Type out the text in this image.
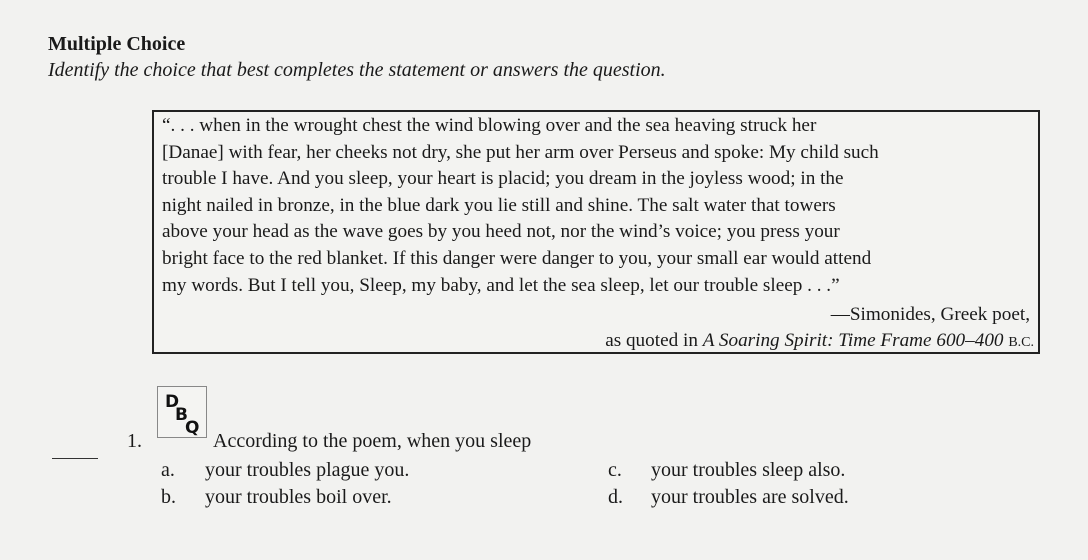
Multiple Choice
Identify the choice that best completes the statement or answers the question.
“. . . when in the wrought chest the wind blowing over and the sea heaving struck her
[Danae] with fear, her cheeks not dry, she put her arm over Perseus and spoke: My child such
trouble I have. And you sleep, your heart is placid; you dream in the joyless wood; in the
night nailed in bronze, in the blue dark you lie still and shine. The salt water that towers
above your head as the wave goes by you heed not, nor the wind’s voice; you press your
bright face to the red blanket. If this danger were danger to you, your small ear would attend
my words. But I tell you, Sleep, my baby, and let the sea sleep, let our trouble sleep . . .”
—Simonides, Greek poet,
as quoted in A Soaring Spirit: Time Frame 600–400 B.C.
D
B
Q
1.	According to the poem, when you sleep
a. your troubles plague you.
b. your troubles boil over.
c. your troubles sleep also.
d. your troubles are solved.
